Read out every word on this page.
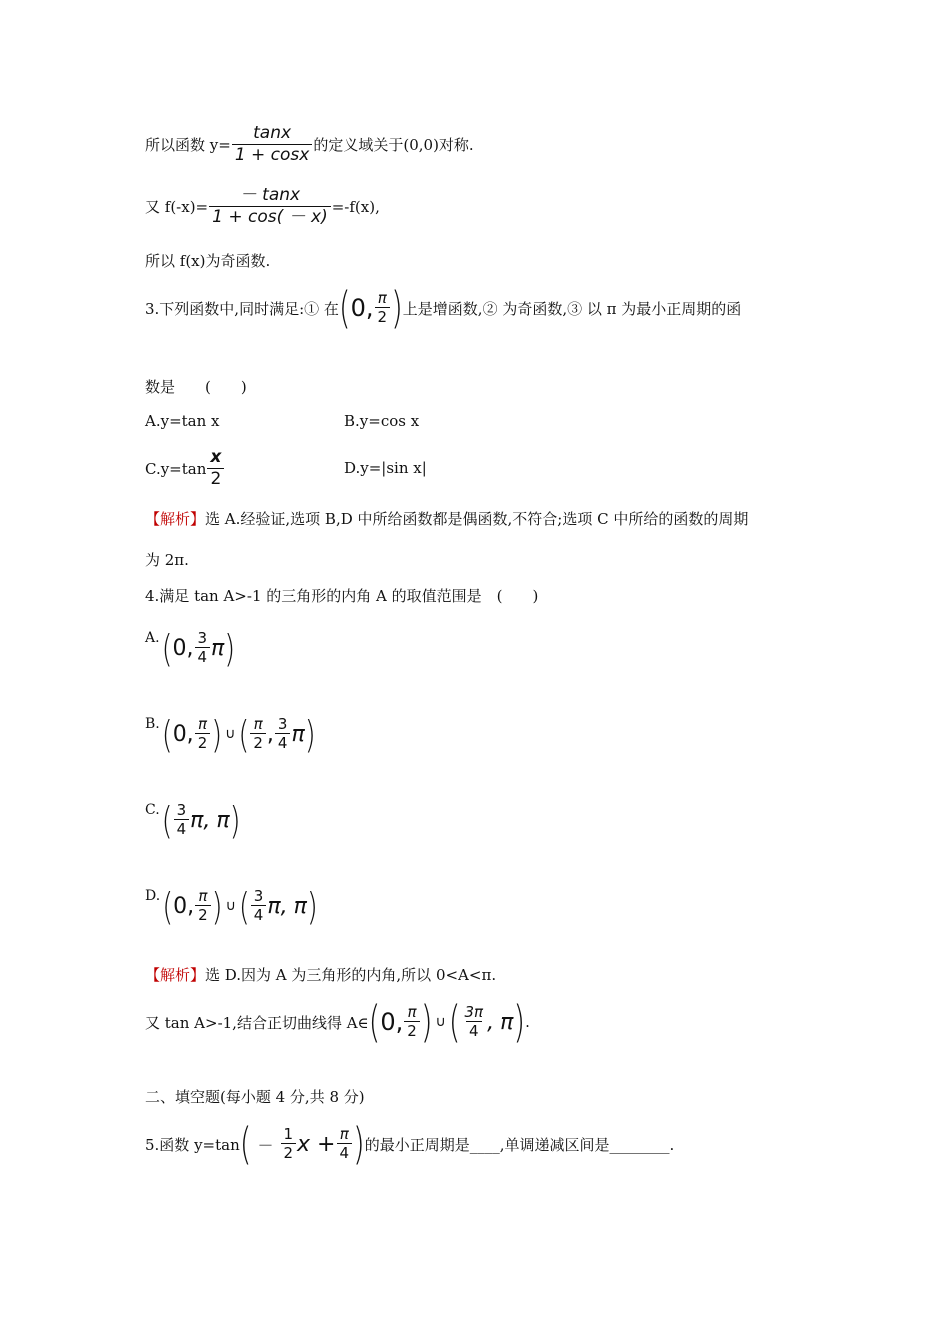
所以函数 $y= \frac{\tan x}{1 + \cos x}$ 的定义域关于(0,0)对称.
又 $f(-x)= \frac{- \tan x}{1 + \cos( - x)} =-f(x)$,
所以 f(x)为奇函数.
3.下列函数中,同时满足:① 在 ( 0, $\frac{\pi}{2}$ ) 上是增函数,② 为奇函数,③ 以 π 为最小正周期的函
数是　　(　　)
A.y=tan x	B.y=cos x
$C.y=\tan \frac{x}{2}$	D.y=|sin x|
【解析】 选 A.经验证,选项 B,D 中所给函数都是偶函数,不符合;选项 C 中所给的函数的周期
为 2π.
4.满足 tan A>-1 的三角形的内角 A 的取值范围是　(　　)
A. ( 0, $\frac{3}{4}$ π )
B. ( 0, $\frac{\pi}{2}$ ) ∪ ( $\frac{\pi}{2}$ , $\frac{3}{4}$ π )
C. ( $\frac{3}{4} \pi$, π )
D. ( 0, $\frac{\pi}{2}$ ) ∪ ( $\frac{3}{4} \pi$, π )
【解析】 选 D.因为 A 为三角形的内角,所以 0<A<π.
又 tan A>-1,结合正切曲线得 A∈ ( 0, $\frac{\pi}{2}$ ) ∪ ( $\frac{3\pi}{4}$ , π ) .
二、填空题(每小题 4 分,共 8 分)
5.函数 y=tan ( － $\frac{1}{2}$ $x + \frac{\pi}{4}$ ) 的最小正周期是____,单调递减区间是________.
